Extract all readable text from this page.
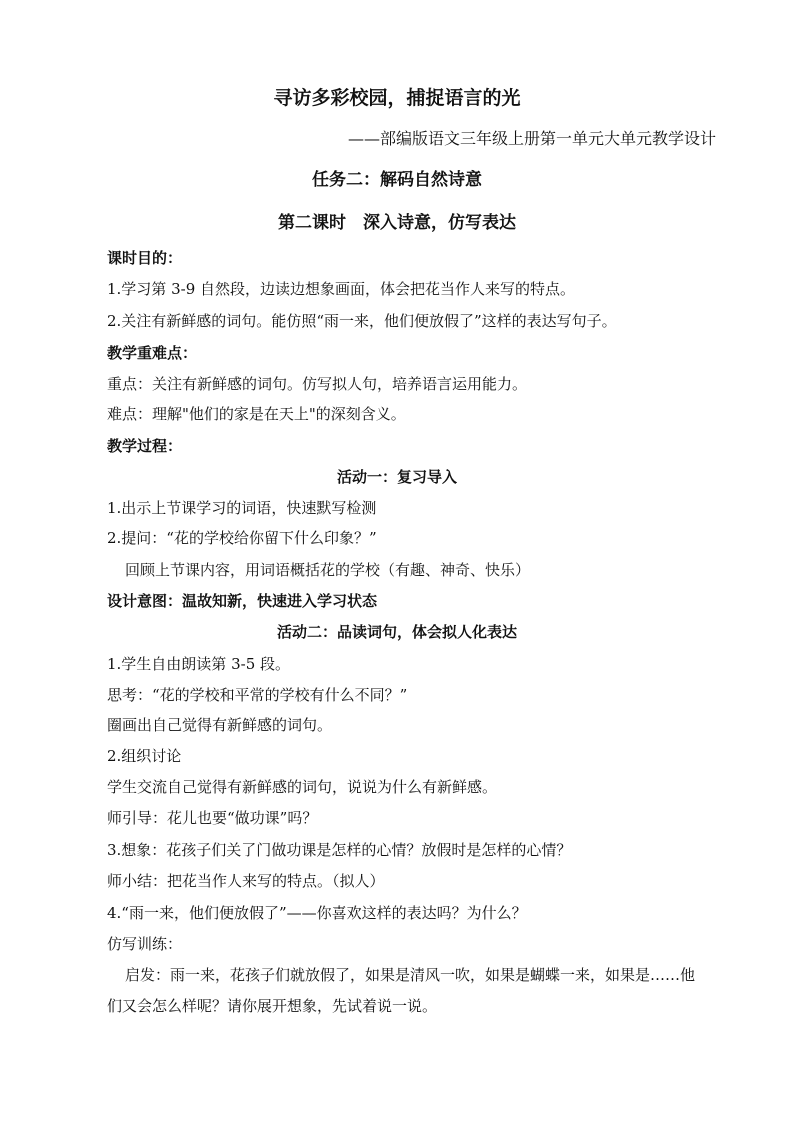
寻访多彩校园，捕捉语言的光
——部编版语文三年级上册第一单元大单元教学设计
任务二：解码自然诗意
第二课时　深入诗意，仿写表达
课时目的：
1.学习第 3-9 自然段，边读边想象画面，体会把花当作人来写的特点。
2.关注有新鲜感的词句。能仿照“雨一来，他们便放假了”这样的表达写句子。
教学重难点：
重点：关注有新鲜感的词句。仿写拟人句，培养语言运用能力。
难点：理解"他们的家是在天上"的深刻含义。
教学过程：
活动一：复习导入
1.出示上节课学习的词语，快速默写检测
2.提问：“花的学校给你留下什么印象？”
回顾上节课内容，用词语概括花的学校（有趣、神奇、快乐）
设计意图：温故知新，快速进入学习状态
活动二：品读词句，体会拟人化表达
1.学生自由朗读第 3-5 段。
思考：“花的学校和平常的学校有什么不同？”
圈画出自己觉得有新鲜感的词句。
2.组织讨论
学生交流自己觉得有新鲜感的词句，说说为什么有新鲜感。
师引导：花儿也要“做功课”吗？
3.想象：花孩子们关了门做功课是怎样的心情？放假时是怎样的心情？
师小结：把花当作人来写的特点。（拟人）
4.“雨一来，他们便放假了”——你喜欢这样的表达吗？为什么？
仿写训练：
启发：雨一来，花孩子们就放假了，如果是清风一吹，如果是蝴蝶一来，如果是……他
们又会怎么样呢？请你展开想象，先试着说一说。
